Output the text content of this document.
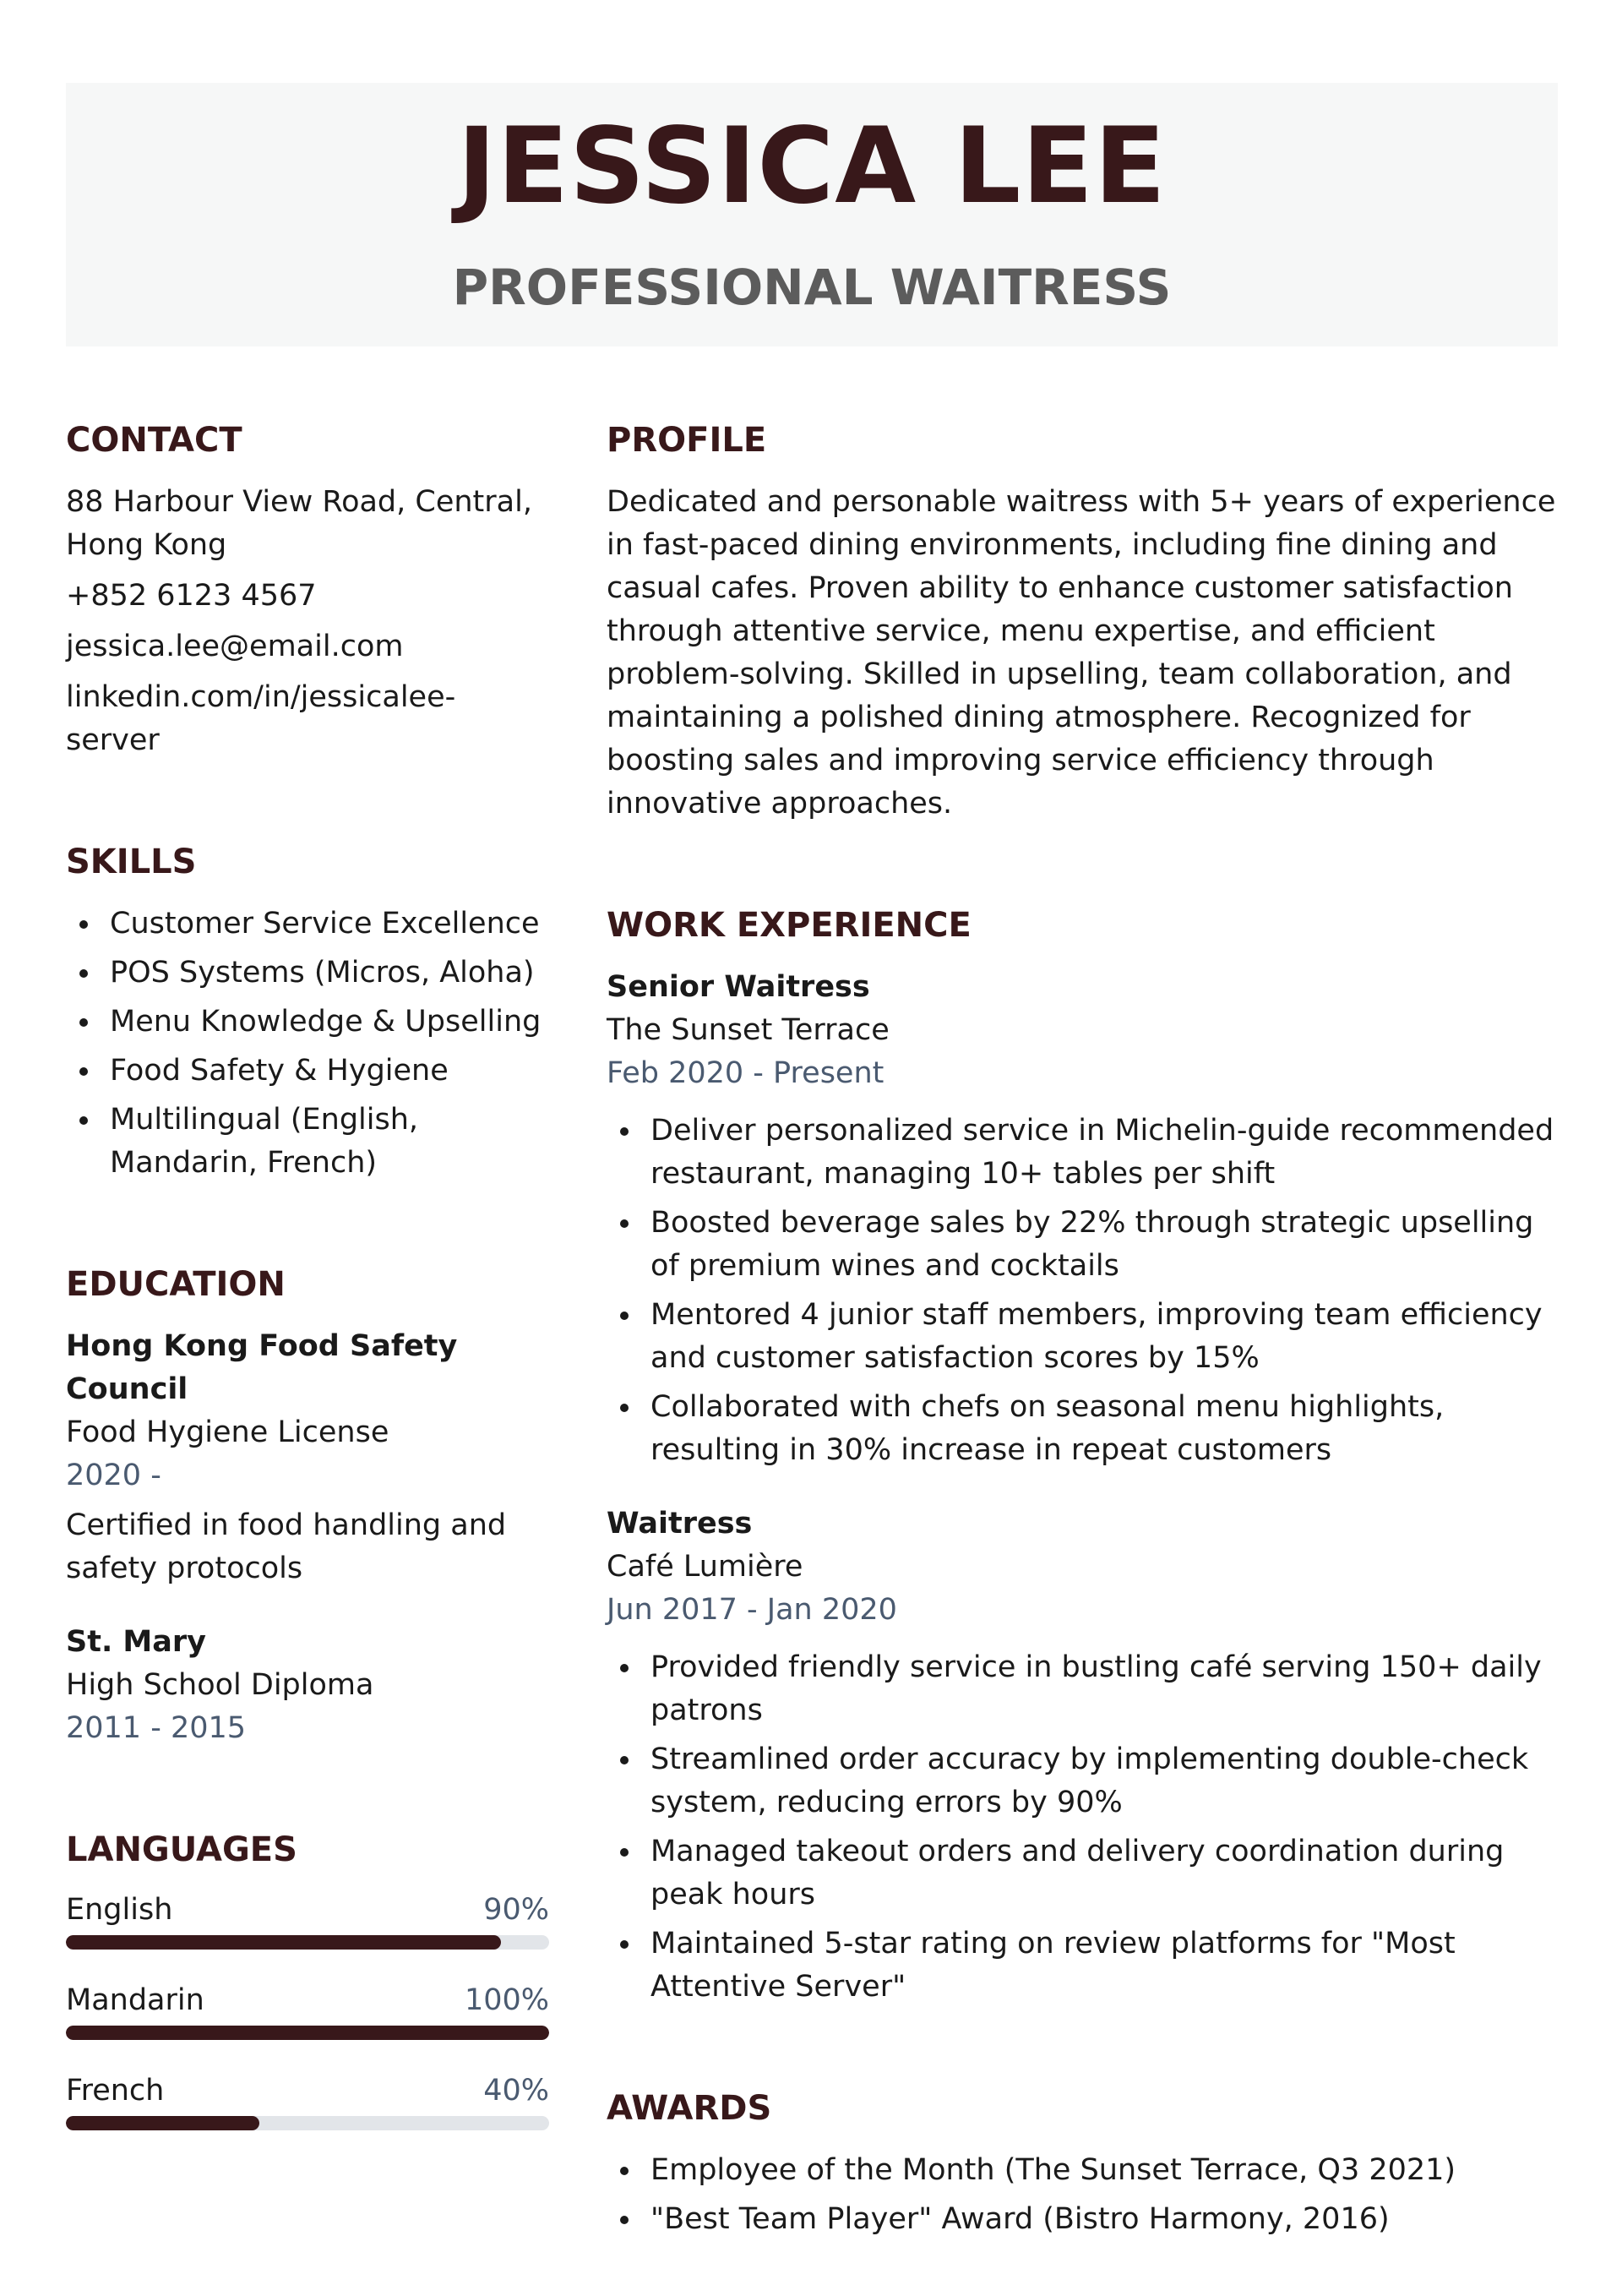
JESSICA LEE
PROFESSIONAL WAITRESS
CONTACT
88 Harbour View Road, Central, Hong Kong
+852 6123 4567
jessica.lee@email.com
linkedin.com/in/jessicalee-server
SKILLS
Customer Service Excellence
POS Systems (Micros, Aloha)
Menu Knowledge & Upselling
Food Safety & Hygiene
Multilingual (English, Mandarin, French)
EDUCATION
Hong Kong Food Safety Council
Food Hygiene License
2020 -
Certified in food handling and safety protocols
St. Mary
High School Diploma
2011 - 2015
LANGUAGES
English	90%
Mandarin	100%
French	40%
PROFILE
Dedicated and personable waitress with 5+ years of experience in fast-paced dining environments, including fine dining and casual cafes. Proven ability to enhance customer satisfaction through attentive service, menu expertise, and efficient problem-solving. Skilled in upselling, team collaboration, and maintaining a polished dining atmosphere. Recognized for boosting sales and improving service efficiency through innovative approaches.
WORK EXPERIENCE
Senior Waitress
The Sunset Terrace
Feb 2020 - Present
Deliver personalized service in Michelin-guide recommended restaurant, managing 10+ tables per shift
Boosted beverage sales by 22% through strategic upselling of premium wines and cocktails
Mentored 4 junior staff members, improving team efficiency and customer satisfaction scores by 15%
Collaborated with chefs on seasonal menu highlights, resulting in 30% increase in repeat customers
Waitress
Café Lumière
Jun 2017 - Jan 2020
Provided friendly service in bustling café serving 150+ daily patrons
Streamlined order accuracy by implementing double-check system, reducing errors by 90%
Managed takeout orders and delivery coordination during peak hours
Maintained 5-star rating on review platforms for "Most Attentive Server"
AWARDS
Employee of the Month (The Sunset Terrace, Q3 2021)
"Best Team Player" Award (Bistro Harmony, 2016)
